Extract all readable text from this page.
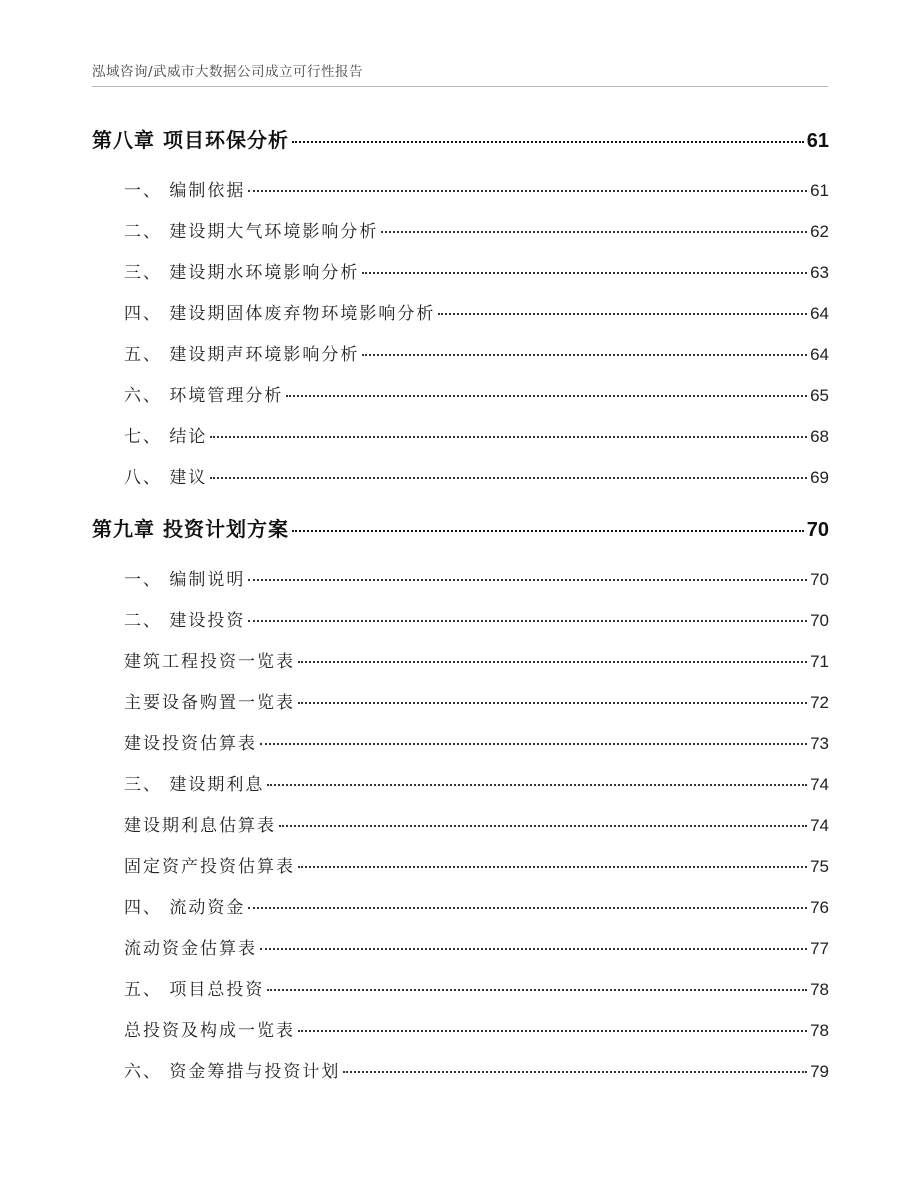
泓域咨询/武威市大数据公司成立可行性报告
第八章 项目环保分析	61
一、 编制依据	61
二、 建设期大气环境影响分析	62
三、 建设期水环境影响分析	63
四、 建设期固体废弃物环境影响分析	64
五、 建设期声环境影响分析	64
六、 环境管理分析	65
七、 结论	68
八、 建议	69
第九章 投资计划方案	70
一、 编制说明	70
二、 建设投资	70
建筑工程投资一览表	71
主要设备购置一览表	72
建设投资估算表	73
三、 建设期利息	74
建设期利息估算表	74
固定资产投资估算表	75
四、 流动资金	76
流动资金估算表	77
五、 项目总投资	78
总投资及构成一览表	78
六、 资金筹措与投资计划	79
